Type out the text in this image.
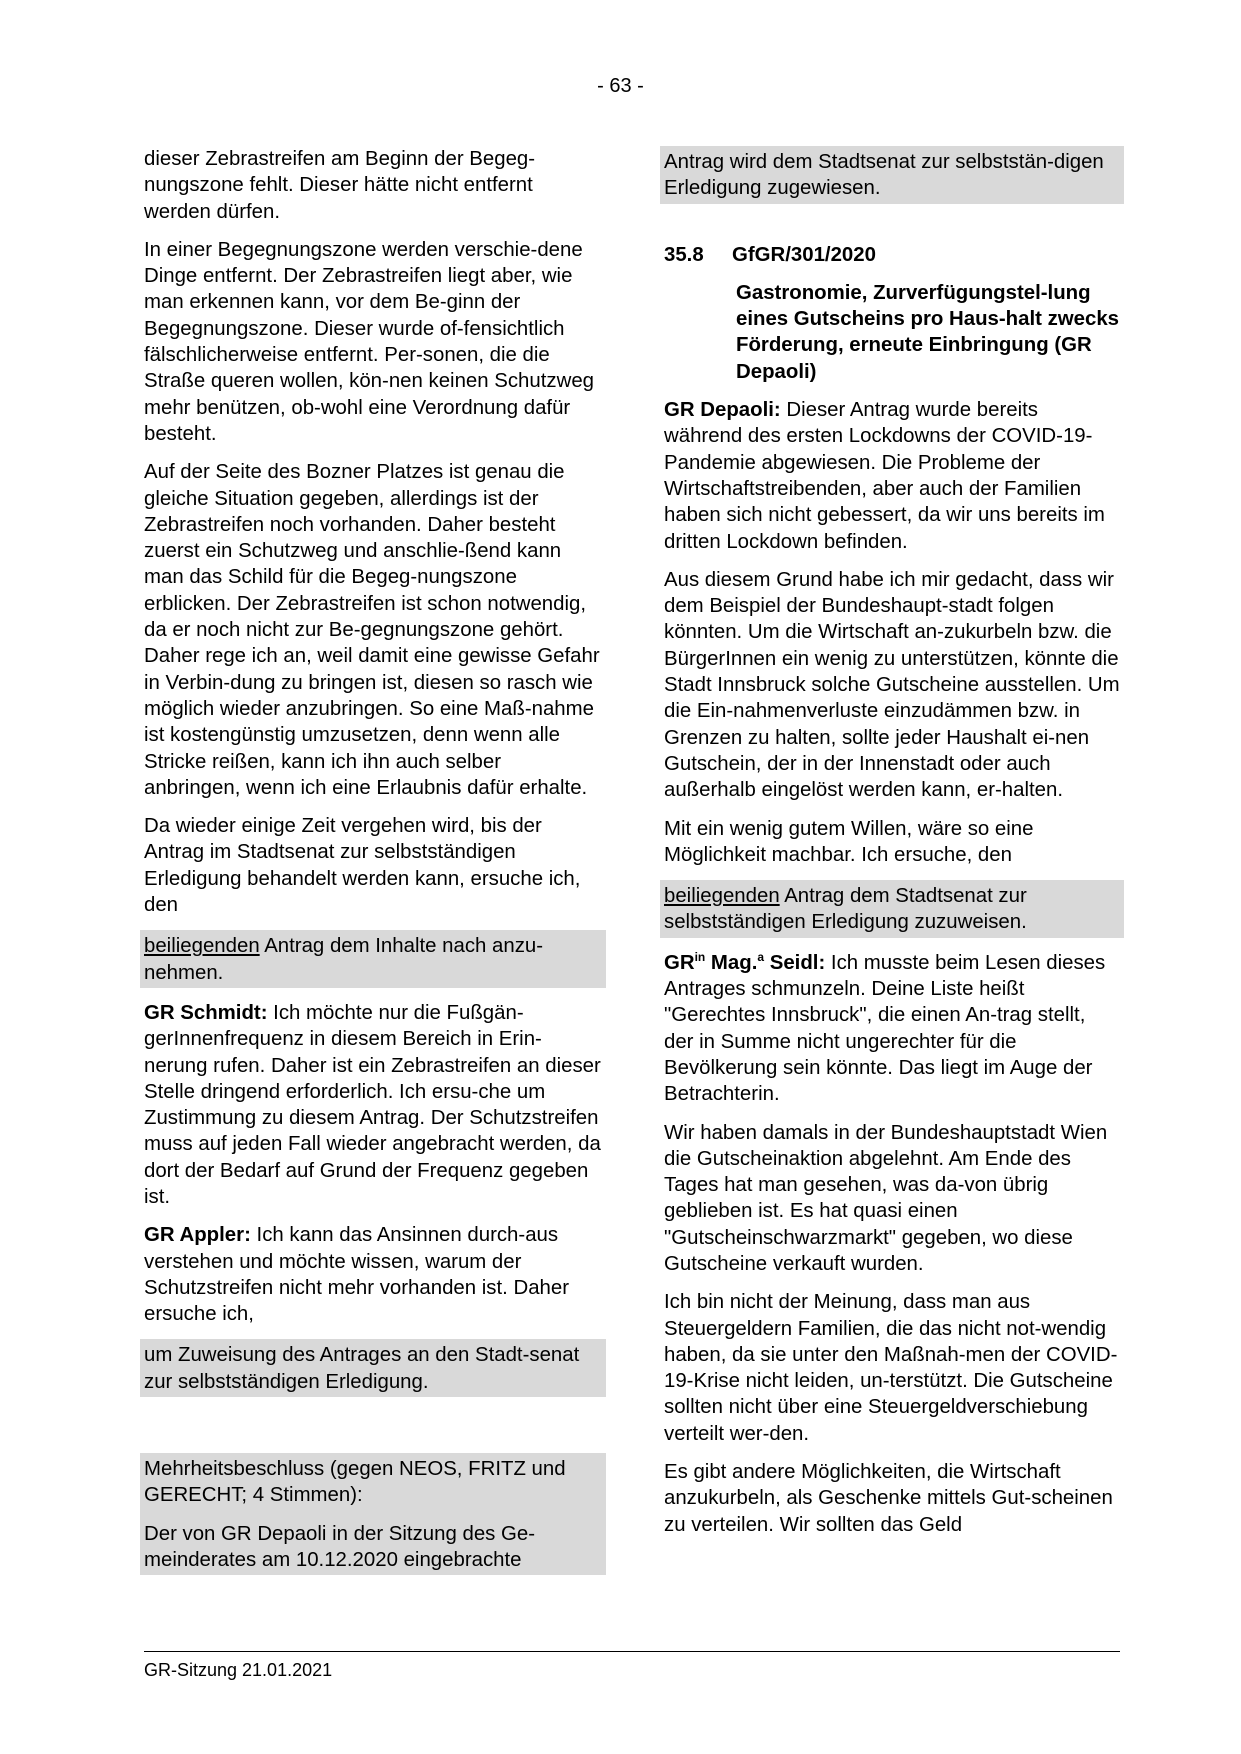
- 63 -

dieser Zebrastreifen am Beginn der Begeg-nungszone fehlt. Dieser hätte nicht entfernt werden dürfen.

In einer Begegnungszone werden verschie-dene Dinge entfernt. Der Zebrastreifen liegt aber, wie man erkennen kann, vor dem Be-ginn der Begegnungszone. Dieser wurde of-fensichtlich fälschlicherweise entfernt. Per-sonen, die die Straße queren wollen, kön-nen keinen Schutzweg mehr benützen, ob-wohl eine Verordnung dafür besteht.

Auf der Seite des Bozner Platzes ist genau die gleiche Situation gegeben, allerdings ist der Zebrastreifen noch vorhanden. Daher besteht zuerst ein Schutzweg und anschlie-ßend kann man das Schild für die Begeg-nungszone erblicken. Der Zebrastreifen ist schon notwendig, da er noch nicht zur Be-gegnungszone gehört. Daher rege ich an, weil damit eine gewisse Gefahr in Verbin-dung zu bringen ist, diesen so rasch wie möglich wieder anzubringen. So eine Maß-nahme ist kostengünstig umzusetzen, denn wenn alle Stricke reißen, kann ich ihn auch selber anbringen, wenn ich eine Erlaubnis dafür erhalte.

Da wieder einige Zeit vergehen wird, bis der Antrag im Stadtsenat zur selbstständigen Erledigung behandelt werden kann, ersuche ich, den

beiliegenden Antrag dem Inhalte nach anzu-nehmen.

GR Schmidt: Ich möchte nur die Fußgän-gerInnenfrequenz in diesem Bereich in Erin-nerung rufen. Daher ist ein Zebrastreifen an dieser Stelle dringend erforderlich. Ich ersu-che um Zustimmung zu diesem Antrag. Der Schutzstreifen muss auf jeden Fall wieder angebracht werden, da dort der Bedarf auf Grund der Frequenz gegeben ist.

GR Appler: Ich kann das Ansinnen durch-aus verstehen und möchte wissen, warum der Schutzstreifen nicht mehr vorhanden ist. Daher ersuche ich,

um Zuweisung des Antrages an den Stadt-senat zur selbstständigen Erledigung.

Mehrheitsbeschluss (gegen NEOS, FRITZ und GERECHT; 4 Stimmen):

Der von GR Depaoli in der Sitzung des Ge-meinderates am 10.12.2020 eingebrachte

Antrag wird dem Stadtsenat zur selbststän-digen Erledigung zugewiesen.

35.8 GfGR/301/2020

Gastronomie, Zurverfügungstel-lung eines Gutscheins pro Haus-halt zwecks Förderung, erneute Einbringung (GR Depaoli)

GR Depaoli: Dieser Antrag wurde bereits während des ersten Lockdowns der COVID-19-Pandemie abgewiesen. Die Probleme der Wirtschaftstreibenden, aber auch der Familien haben sich nicht gebessert, da wir uns bereits im dritten Lockdown befinden.

Aus diesem Grund habe ich mir gedacht, dass wir dem Beispiel der Bundeshaupt-stadt folgen könnten. Um die Wirtschaft an-zukurbeln bzw. die BürgerInnen ein wenig zu unterstützen, könnte die Stadt Innsbruck solche Gutscheine ausstellen. Um die Ein-nahmenverluste einzudämmen bzw. in Grenzen zu halten, sollte jeder Haushalt ei-nen Gutschein, der in der Innenstadt oder auch außerhalb eingelöst werden kann, er-halten.

Mit ein wenig gutem Willen, wäre so eine Möglichkeit machbar. Ich ersuche, den

beiliegenden Antrag dem Stadtsenat zur selbstständigen Erledigung zuzuweisen.

$GR^{in}$ Mag.$^a$ Seidl: Ich musste beim Lesen dieses Antrages schmunzeln. Deine Liste heißt "Gerechtes Innsbruck", die einen An-trag stellt, der in Summe nicht ungerechter für die Bevölkerung sein könnte. Das liegt im Auge der Betrachterin.

Wir haben damals in der Bundeshauptstadt Wien die Gutscheinaktion abgelehnt. Am Ende des Tages hat man gesehen, was da-von übrig geblieben ist. Es hat quasi einen "Gutscheinschwarzmarkt" gegeben, wo diese Gutscheine verkauft wurden.

Ich bin nicht der Meinung, dass man aus Steuergeldern Familien, die das nicht not-wendig haben, da sie unter den Maßnah-men der COVID-19-Krise nicht leiden, un-terstützt. Die Gutscheine sollten nicht über eine Steuergeldverschiebung verteilt wer-den.

Es gibt andere Möglichkeiten, die Wirtschaft anzukurbeln, als Geschenke mittels Gut-scheinen zu verteilen. Wir sollten das Geld

GR-Sitzung 21.01.2021
